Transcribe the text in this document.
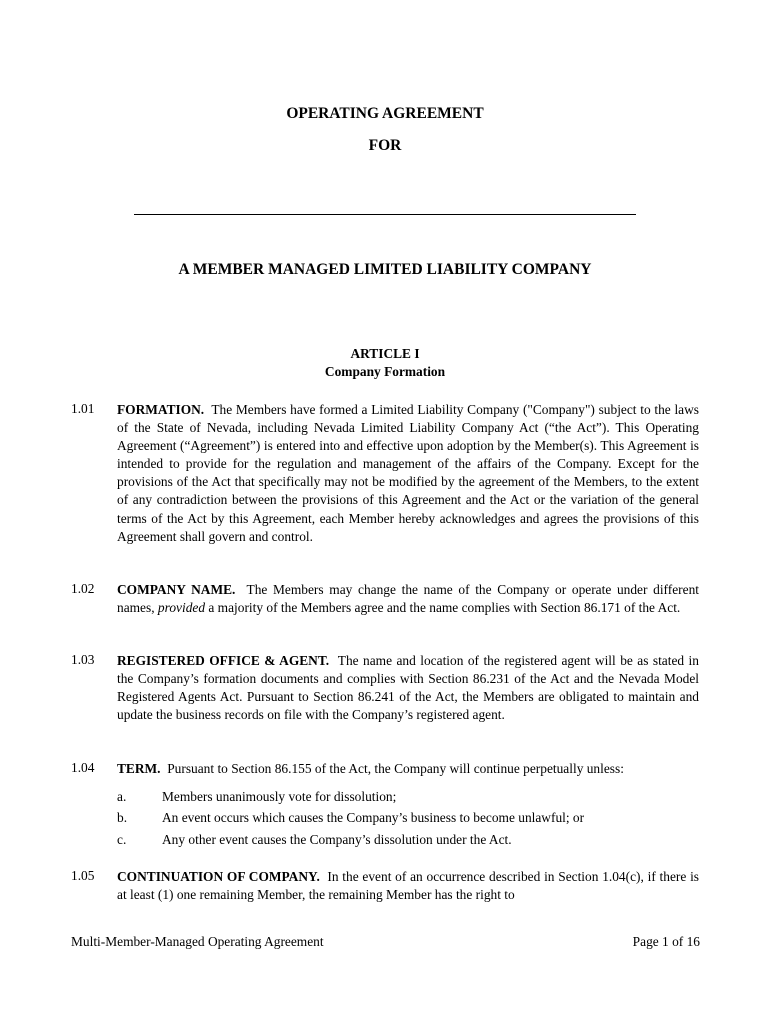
OPERATING AGREEMENT
FOR
A MEMBER MANAGED LIMITED LIABILITY COMPANY
ARTICLE I
Company Formation
1.01	FORMATION. The Members have formed a Limited Liability Company ("Company") subject to the laws of the State of Nevada, including Nevada Limited Liability Company Act (“the Act”). This Operating Agreement (“Agreement”) is entered into and effective upon adoption by the Member(s). This Agreement is intended to provide for the regulation and management of the affairs of the Company. Except for the provisions of the Act that specifically may not be modified by the agreement of the Members, to the extent of any contradiction between the provisions of this Agreement and the Act or the variation of the general terms of the Act by this Agreement, each Member hereby acknowledges and agrees the provisions of this Agreement shall govern and control.
1.02	COMPANY NAME. The Members may change the name of the Company or operate under different names, provided a majority of the Members agree and the name complies with Section 86.171 of the Act.
1.03	REGISTERED OFFICE & AGENT. The name and location of the registered agent will be as stated in the Company’s formation documents and complies with Section 86.231 of the Act and the Nevada Model Registered Agents Act. Pursuant to Section 86.241 of the Act, the Members are obligated to maintain and update the business records on file with the Company’s registered agent.
1.04	TERM. Pursuant to Section 86.155 of the Act, the Company will continue perpetually unless:
a.	Members unanimously vote for dissolution;
b.	An event occurs which causes the Company’s business to become unlawful; or
c.	Any other event causes the Company’s dissolution under the Act.
1.05	CONTINUATION OF COMPANY. In the event of an occurrence described in Section 1.04(c), if there is at least (1) one remaining Member, the remaining Member has the right to
Multi-Member-Managed Operating Agreement	Page 1 of 16
